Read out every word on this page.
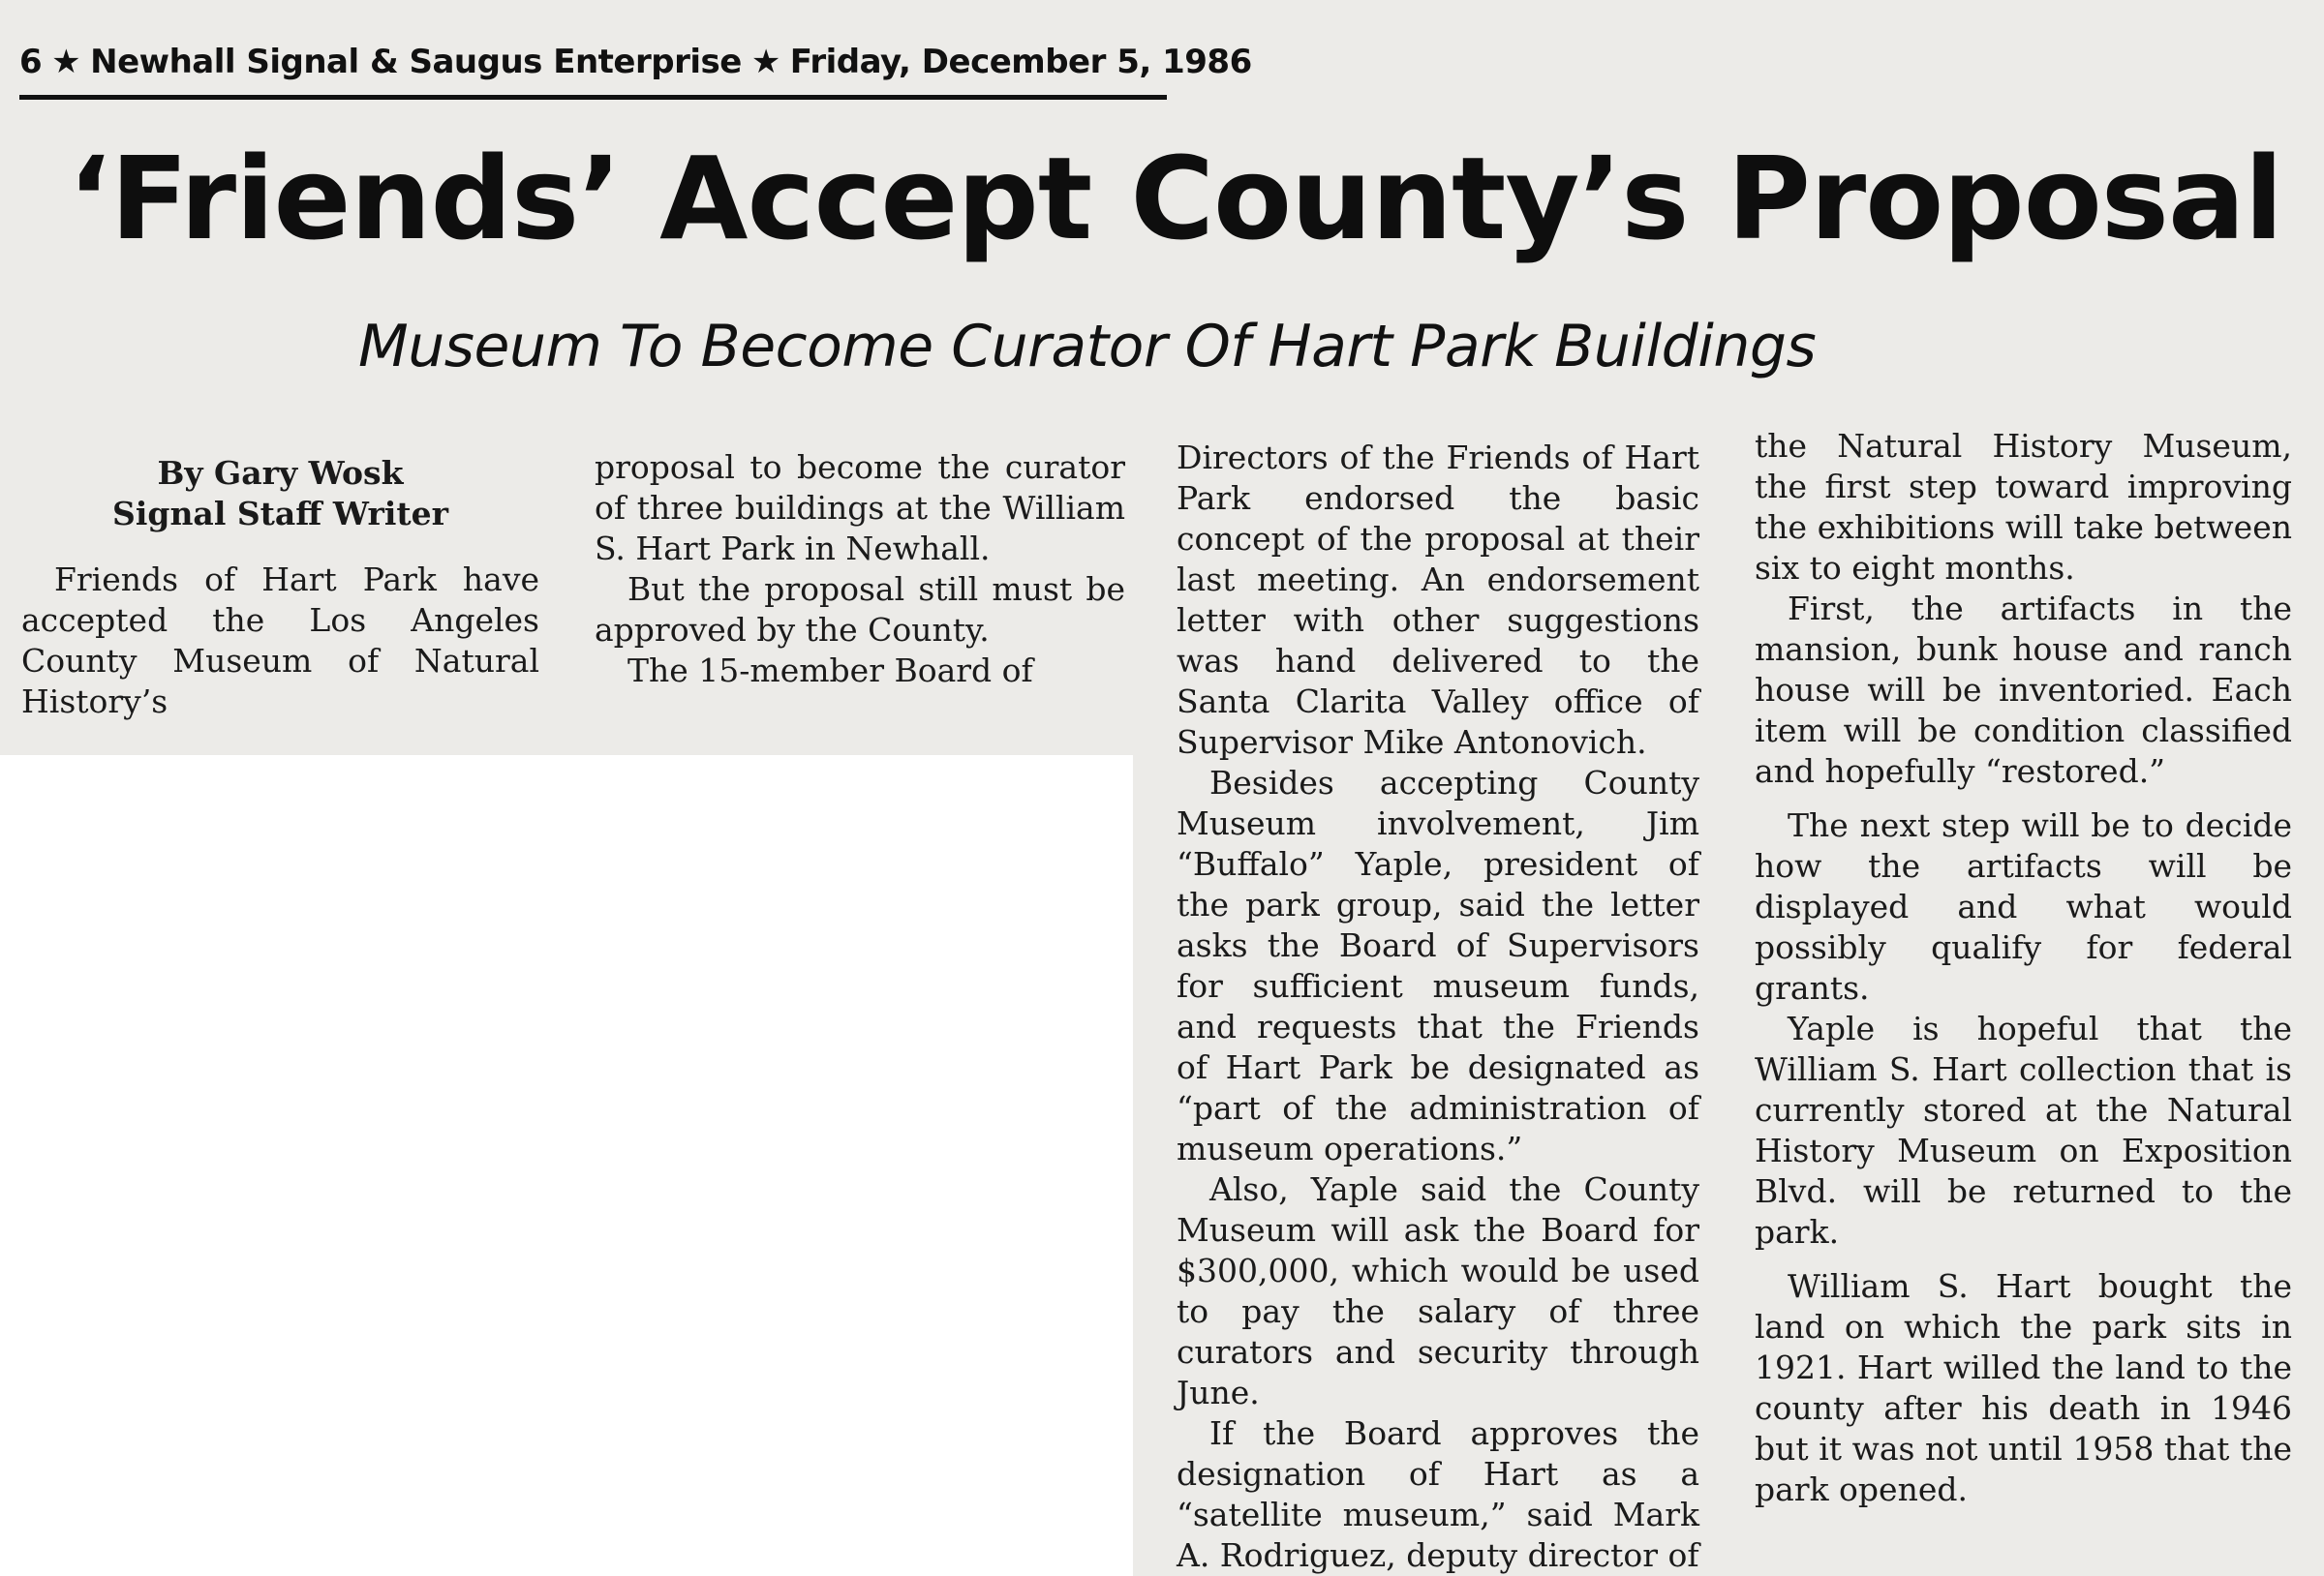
6 ★ Newhall Signal & Saugus Enterprise ★ Friday, December 5, 1986
‘Friends’ Accept County’s Proposal
Museum To Become Curator Of Hart Park Buildings
By Gary Wosk
Signal Staff Writer

Friends of Hart Park have accepted the Los Angeles County Museum of Natural History’s

proposal to become the curator of three buildings at the William S. Hart Park in Newhall.

But the proposal still must be approved by the County.

The 15-member Board of

Directors of the Friends of Hart Park endorsed the basic concept of the proposal at their last meeting. An endorsement letter with other suggestions was hand delivered to the Santa Clarita Valley office of Supervisor Mike Antonovich.

Besides accepting County Museum involvement, Jim “Buffalo” Yaple, president of the park group, said the letter asks the Board of Supervisors for sufficient museum funds, and requests that the Friends of Hart Park be designated as “part of the administration of museum operations.”

Also, Yaple said the County Museum will ask the Board for $300,000, which would be used to pay the salary of three curators and security through June.

If the Board approves the designation of Hart as a “satellite museum,” said Mark A. Rodriguez, deputy director of

the Natural History Museum, the first step toward improving the exhibitions will take between six to eight months.

First, the artifacts in the mansion, bunk house and ranch house will be inventoried. Each item will be condition classified and hopefully “restored.”

The next step will be to decide how the artifacts will be displayed and what would possibly qualify for federal grants.

Yaple is hopeful that the William S. Hart collection that is currently stored at the Natural History Museum on Exposition Blvd. will be returned to the park.

William S. Hart bought the land on which the park sits in 1921. Hart willed the land to the county after his death in 1946 but it was not until 1958 that the park opened.
